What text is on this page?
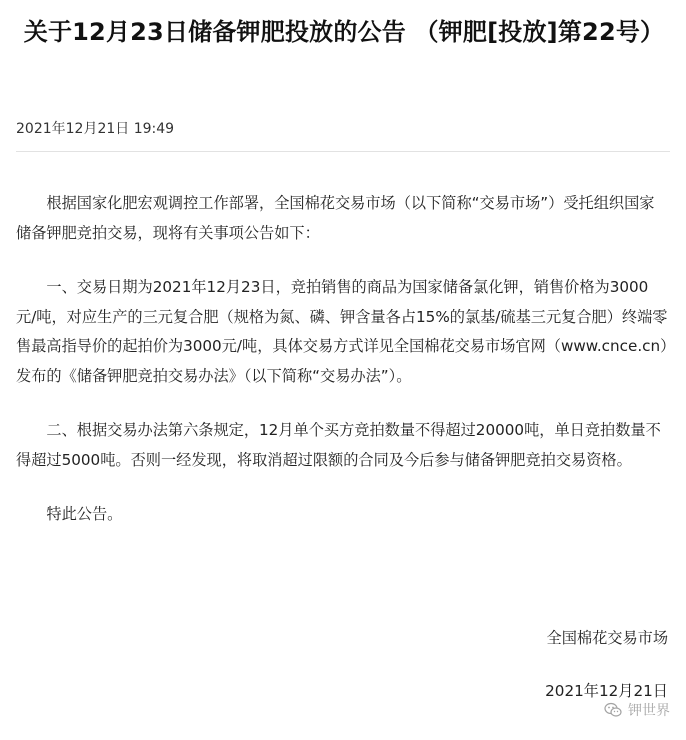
关于12月23日储备钾肥投放的公告 （钾肥[投放]第22号）
2021年12月21日 19:49

根据国家化肥宏观调控工作部署，全国棉花交易市场（以下简称“交易市场”）受托组织国家储备钾肥竞拍交易，现将有关事项公告如下：

一、交易日期为2021年12月23日，竞拍销售的商品为国家储备氯化钾，销售价格为3000元/吨，对应生产的三元复合肥（规格为氮、磷、钾含量各占15%的氯基/硫基三元复合肥）终端零售最高指导价的起拍价为3000元/吨，具体交易方式详见全国棉花交易市场官网（www.cnce.cn）发布的《储备钾肥竞拍交易办法》（以下简称“交易办法”）。

二、根据交易办法第六条规定，12月单个买方竞拍数量不得超过20000吨，单日竞拍数量不得超过5000吨。否则一经发现，将取消超过限额的合同及今后参与储备钾肥竞拍交易资格。

特此公告。

全国棉花交易市场
2021年12月21日
钾世界
